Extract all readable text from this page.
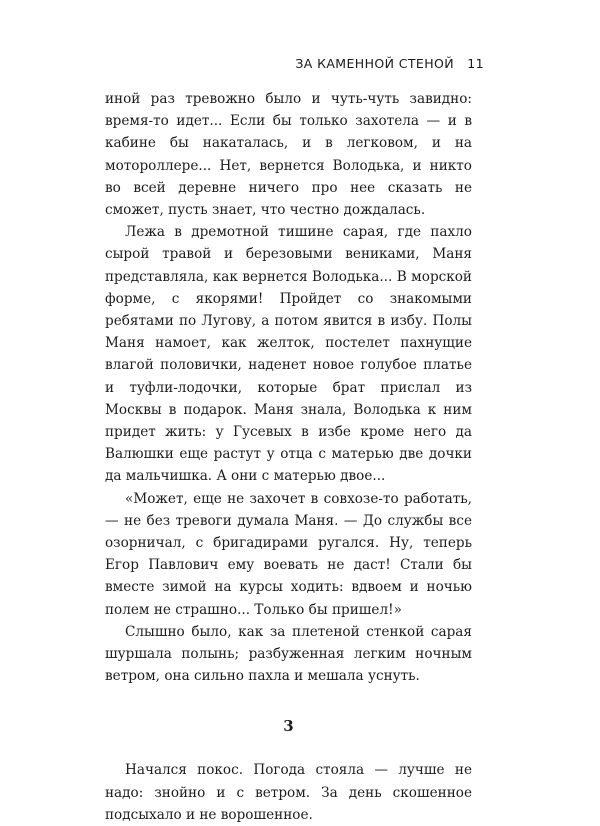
ЗА КАМЕННОЙ СТЕНОЙ 11

иной раз тревожно было и чуть-чуть завидно: время-то идет... Если бы только захотела — и в кабине бы накаталась, и в легковом, и на мотороллере... Нет, вернется Володька, и никто во всей деревне ничего про нее сказать не сможет, пусть знает, что честно дождалась.

Лежа в дремотной тишине сарая, где пахло сырой травой и березовыми вениками, Маня представляла, как вернется Володька... В морской форме, с якорями! Пройдет со знакомыми ребятами по Лугову, а потом явится в избу. Полы Маня намоет, как желток, постелет пахнущие влагой половички, наденет новое голубое платье и туфли-лодочки, которые брат прислал из Москвы в подарок. Маня знала, Володька к ним придет жить: у Гусевых в избе кроме него да Валюшки еще растут у отца с матерью две дочки да мальчишка. А они с матерью двое...

«Может, еще не захочет в совхозе-то работать, — не без тревоги думала Маня. — До службы все озорничал, с бригадирами ругался. Ну, теперь Егор Павлович ему воевать не даст! Стали бы вместе зимой на курсы ходить: вдвоем и ночью полем не страшно... Только бы пришел!»

Слышно было, как за плетеной стенкой сарая шуршала полынь; разбуженная легким ночным ветром, она сильно пахла и мешала уснуть.

3

Начался покос. Погода стояла — лучше не надо: знойно и с ветром. За день скошенное подсыхало и не ворошенное.
